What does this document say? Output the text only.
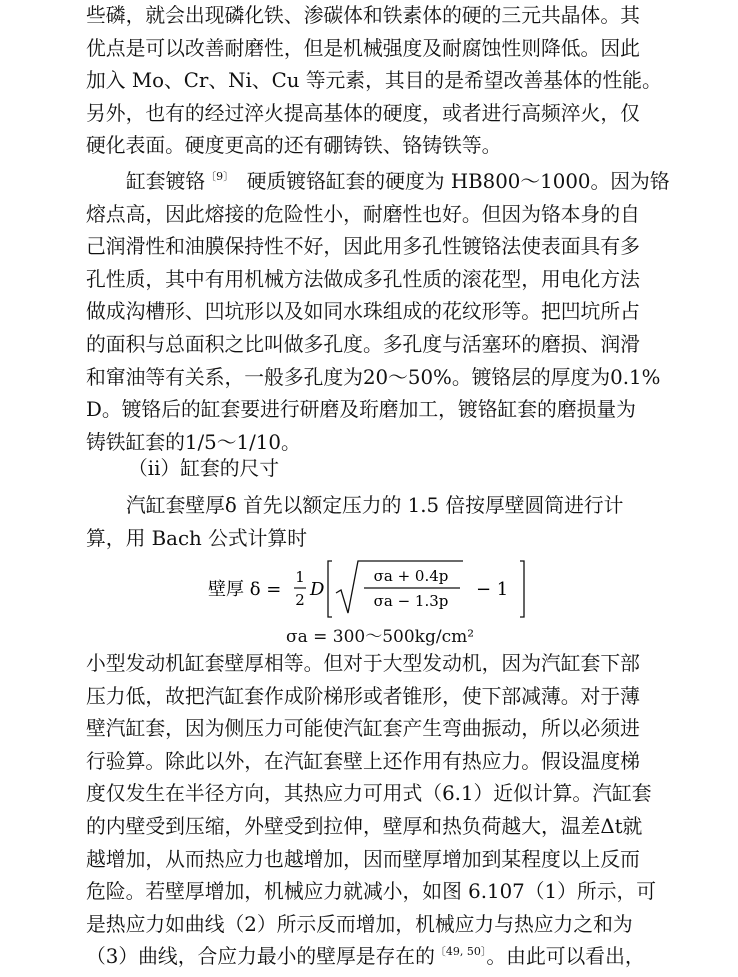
些磷，就会出现磷化铁、渗碳体和铁素体的硬的三元共晶体。其
优点是可以改善耐磨性，但是机械强度及耐腐蚀性则降低。因此
加入 Mo、Cr、Ni、Cu 等元素，其目的是希望改善基体的性能。
另外，也有的经过淬火提高基体的硬度，或者进行高频淬火，仅
硬化表面。硬度更高的还有硼铸铁、铬铸铁等。

缸套镀铬$^{〔9〕}$ 硬质镀铬缸套的硬度为 HB800～1000。因为铬
熔点高，因此熔接的危险性小，耐磨性也好。但因为铬本身的自
己润滑性和油膜保持性不好，因此用多孔性镀铬法使表面具有多
孔性质，其中有用机械方法做成多孔性质的滚花型，用电化方法
做成沟槽形、凹坑形以及如同水珠组成的花纹形等。把凹坑所占
的面积与总面积之比叫做多孔度。多孔度与活塞环的磨损、润滑
和窜油等有关系，一般多孔度为20～50%。镀铬层的厚度为0.1%
D。镀铬后的缸套要进行研磨及珩磨加工，镀铬缸套的磨损量为
铸铁缸套的1/5～1/10。

（ii）缸套的尺寸

汽缸套壁厚δ 首先以额定压力的 1.5 倍按厚壁圆筒进行计
算，用 Bach 公式计算时

壁厚 δ =
1
2 D
σa + 0.4p
σa − 1.3p
− 1

σa = 300～500kg/cm²

小型发动机缸套壁厚相等。但对于大型发动机，因为汽缸套下部
压力低，故把汽缸套作成阶梯形或者锥形，使下部减薄。对于薄
壁汽缸套，因为侧压力可能使汽缸套产生弯曲振动，所以必须进
行验算。除此以外，在汽缸套壁上还作用有热应力。假设温度梯
度仅发生在半径方向，其热应力可用式（6.1）近似计算。汽缸套
的内壁受到压缩，外壁受到拉伸，壁厚和热负荷越大，温差Δt就
越增加，从而热应力也越增加，因而壁厚增加到某程度以上反而
危险。若壁厚增加，机械应力就减小，如图 6.107（1）所示，可
是热应力如曲线（2）所示反而增加，机械应力与热应力之和为
（3）曲线，合应力最小的壁厚是存在的$^{〔49, 50〕}$。由此可以看出，
